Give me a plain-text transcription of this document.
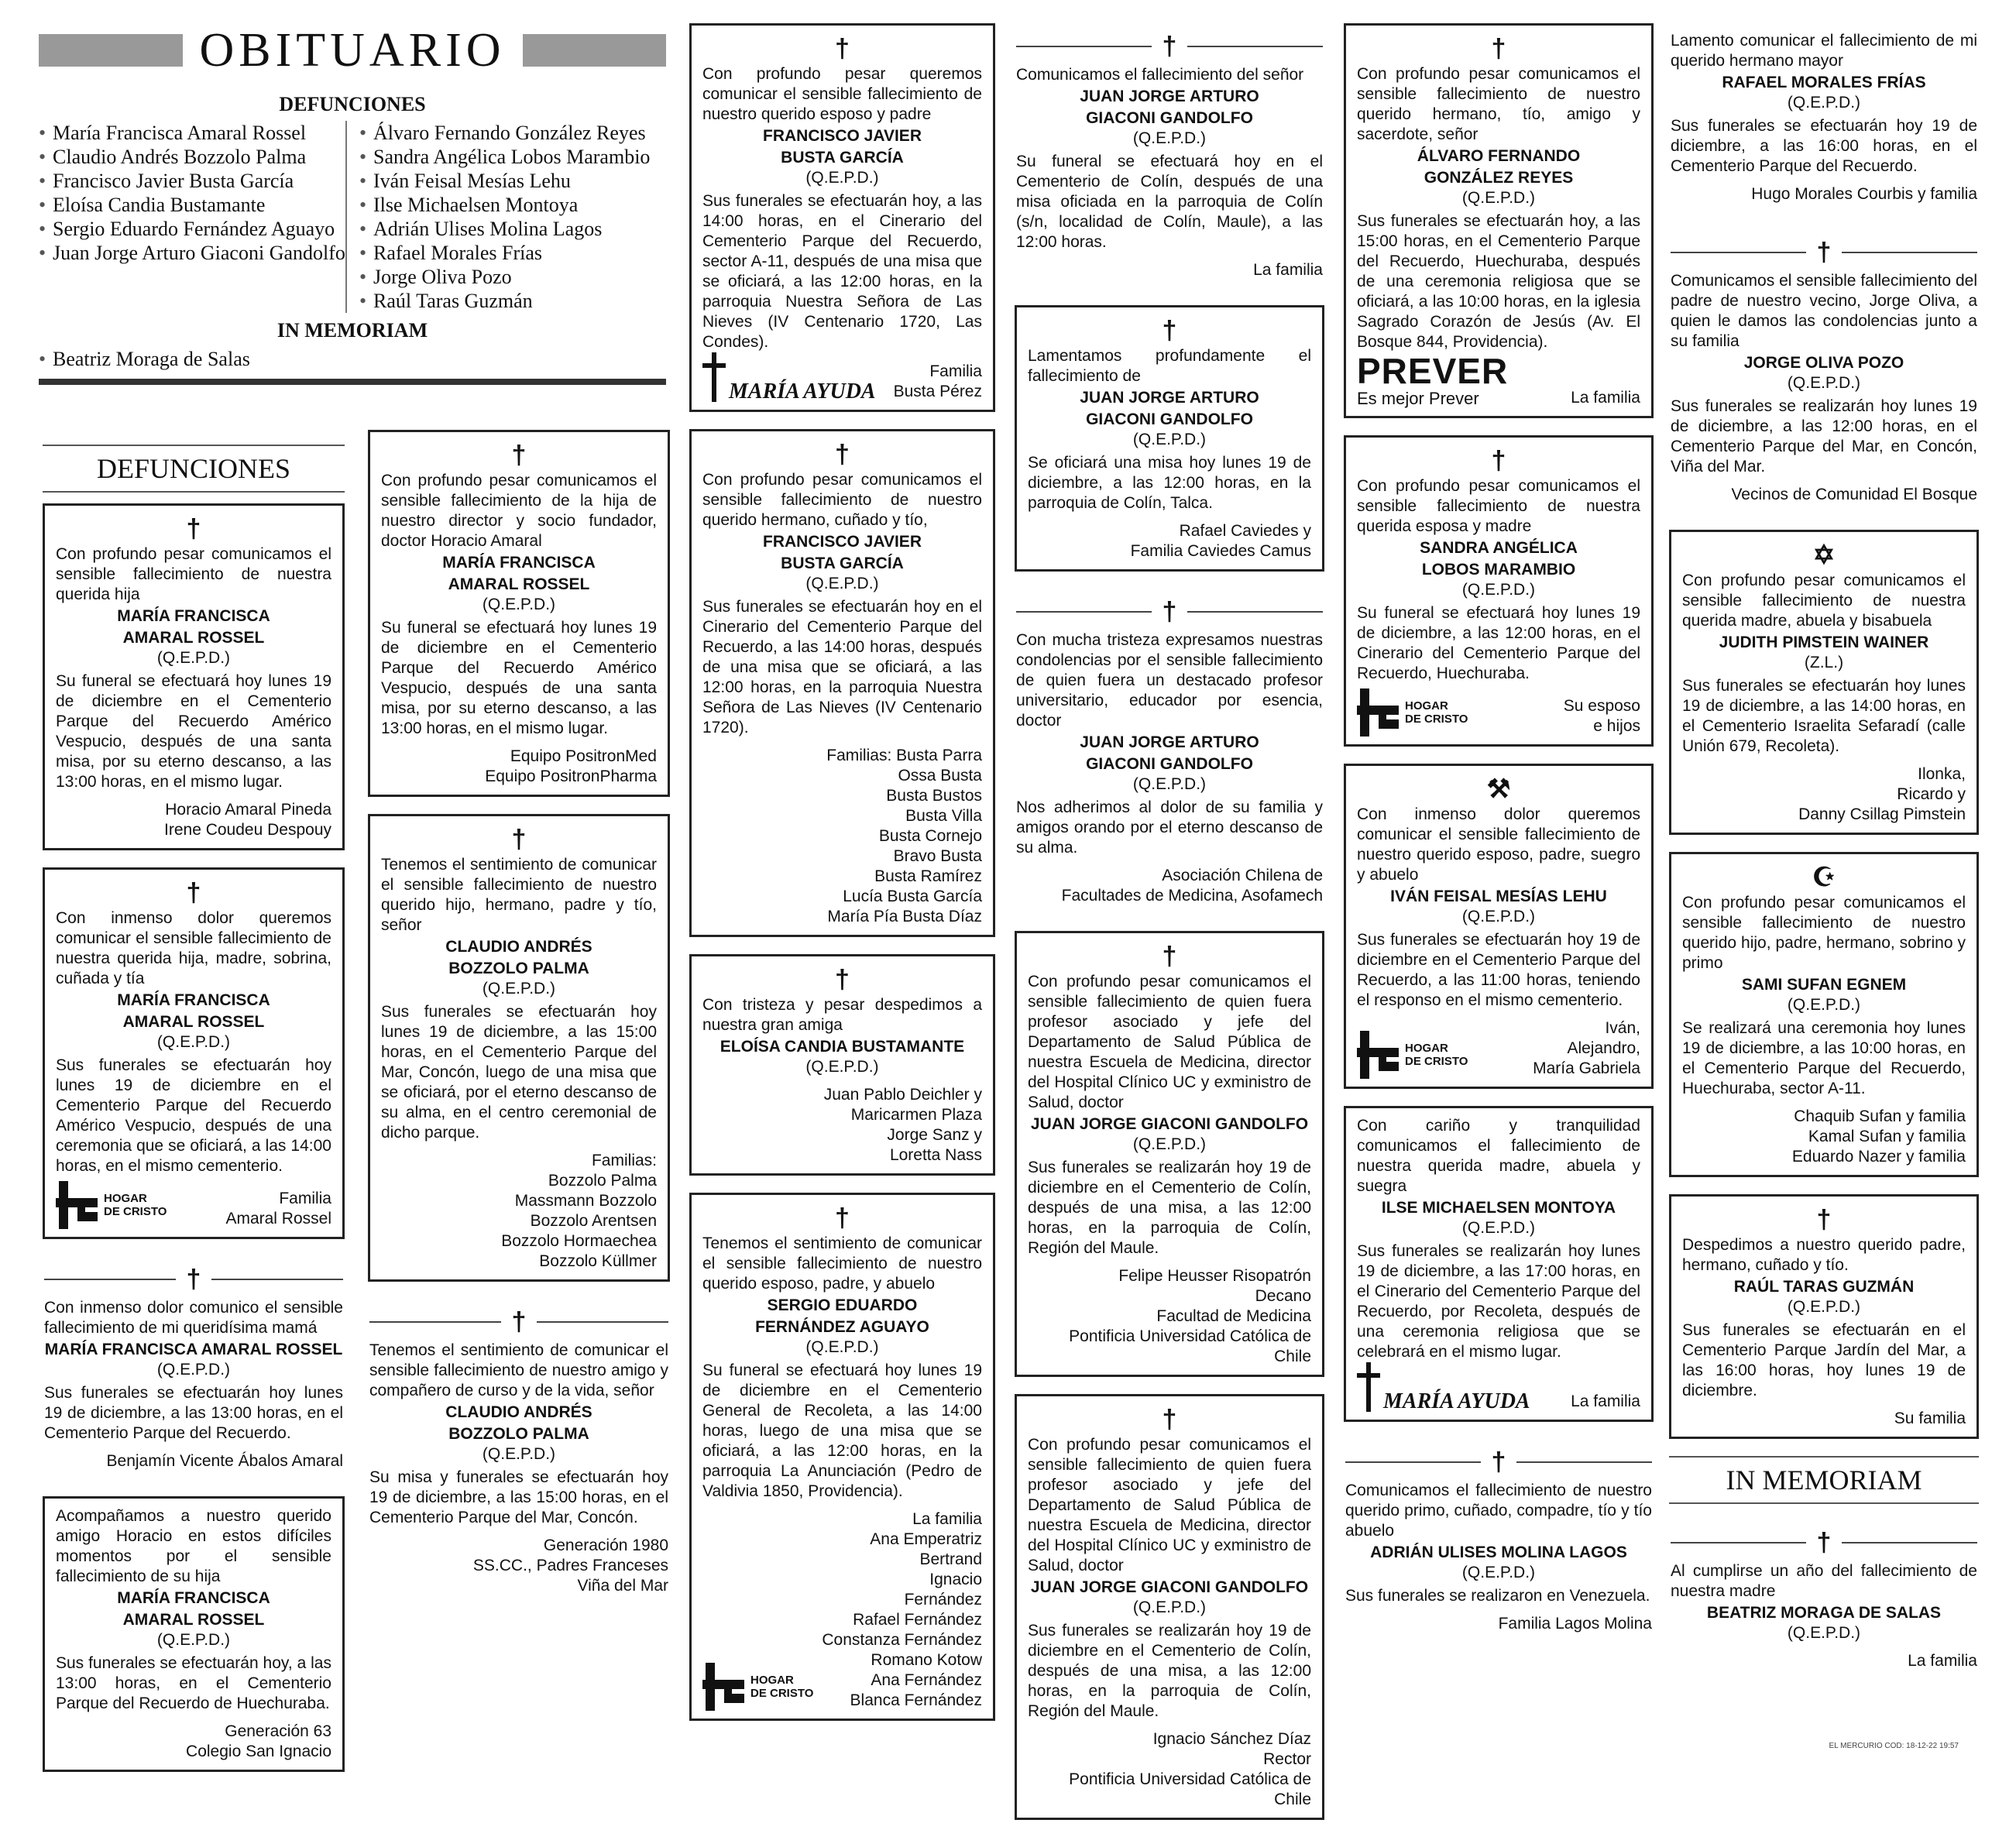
OBITUARIO
DEFUNCIONES
• María Francisca Amaral Rossel
• Claudio Andrés Bozzolo Palma
• Francisco Javier Busta García
• Eloísa Candia Bustamante
• Sergio Eduardo Fernández Aguayo
• Juan Jorge Arturo Giaconi Gandolfo
• Álvaro Fernando González Reyes
• Sandra Angélica Lobos Marambio
• Iván Feisal Mesías Lehu
• Ilse Michaelsen Montoya
• Adrián Ulises Molina Lagos
• Rafael Morales Frías
• Jorge Oliva Pozo
• Raúl Taras Guzmán
IN MEMORIAM
• Beatriz Moraga de Salas
†
Con profundo pesar comunicamos el sensible fallecimiento de nuestra querida hija
MARÍA FRANCISCA
AMARAL ROSSEL
(Q.E.P.D.)
Su funeral se efectuará hoy lunes 19 de diciembre en el Cementerio Parque del Recuerdo Américo Vespucio, después de una santa misa, por su eterno descanso, a las 13:00 horas, en el mismo lugar.
Horacio Amaral Pineda
Irene Coudeu Despouy
†
Con inmenso dolor queremos comunicar el sensible fallecimiento de nuestra querida hija, madre, sobrina, cuñada y tía
MARÍA FRANCISCA
AMARAL ROSSEL
(Q.E.P.D.)
Sus funerales se efectuarán hoy lunes 19 de diciembre en el Cementerio Parque del Recuerdo Américo Vespucio, después de una ceremonia que se oficiará, a las 14:00 horas, en el mismo cementerio.
HOGAR
DE CRISTO
Familia
Amaral Rossel
†
Con inmenso dolor comunico el sensible fallecimiento de mi queridísima mamá
MARÍA FRANCISCA AMARAL ROSSEL
(Q.E.P.D.)
Sus funerales se efectuarán hoy lunes 19 de diciembre, a las 13:00 horas, en el Cementerio Parque del Recuerdo.
Benjamín Vicente Ábalos Amaral
Acompañamos a nuestro querido amigo Horacio en estos difíciles momentos por el sensible fallecimiento de su hija
MARÍA FRANCISCA
AMARAL ROSSEL
(Q.E.P.D.)
Sus funerales se efectuarán hoy, a las 13:00 horas, en el Cementerio Parque del Recuerdo de Huechuraba.
Generación 63
Colegio San Ignacio
†
Con profundo pesar comunicamos el sensible fallecimiento de la hija de nuestro director y socio fundador, doctor Horacio Amaral
MARÍA FRANCISCA
AMARAL ROSSEL
(Q.E.P.D.)
Su funeral se efectuará hoy lunes 19 de diciembre en el Cementerio Parque del Recuerdo Américo Vespucio, después de una santa misa, por su eterno descanso, a las 13:00 horas, en el mismo lugar.
Equipo PositronMed
Equipo PositronPharma
†
Tenemos el sentimiento de comunicar el sensible fallecimiento de nuestro querido hijo, hermano, padre y tío, señor
CLAUDIO ANDRÉS
BOZZOLO PALMA
(Q.E.P.D.)
Sus funerales se efectuarán hoy lunes 19 de diciembre, a las 15:00 horas, en el Cementerio Parque del Mar, Concón, luego de una misa que se oficiará, por el eterno descanso de su alma, en el centro ceremonial de dicho parque.
Familias:
Bozzolo Palma
Massmann Bozzolo
Bozzolo Arentsen
Bozzolo Hormaechea
Bozzolo Küllmer
†
Tenemos el sentimiento de comunicar el sensible fallecimiento de nuestro amigo y compañero de curso y de la vida, señor
CLAUDIO ANDRÉS
BOZZOLO PALMA
(Q.E.P.D.)
Su misa y funerales se efectuarán hoy 19 de diciembre, a las 15:00 horas, en el Cementerio Parque del Mar, Concón.
Generación 1980
SS.CC., Padres Franceses
Viña del Mar
†
Con profundo pesar queremos comunicar el sensible fallecimiento de nuestro querido esposo y padre
FRANCISCO JAVIER
BUSTA GARCÍA
(Q.E.P.D.)
Sus funerales se efectuarán hoy, a las 14:00 horas, en el Cinerario del Cementerio Parque del Recuerdo, sector A-11, después de una misa que se oficiará, a las 12:00 horas, en la parroquia Nuestra Señora de Las Nieves (IV Centenario 1720, Las Condes).
MARÍA AYUDA
Familia
Busta Pérez
†
Con profundo pesar comunicamos el sensible fallecimiento de nuestro querido hermano, cuñado y tío,
FRANCISCO JAVIER
BUSTA GARCÍA
(Q.E.P.D.)
Sus funerales se efectuarán hoy en el Cinerario del Cementerio Parque del Recuerdo, a las 14:00 horas, después de una misa que se oficiará, a las 12:00 horas, en la parroquia Nuestra Señora de Las Nieves (IV Centenario 1720).
Familias: Busta Parra
Ossa Busta
Busta Bustos
Busta Villa
Busta Cornejo
Bravo Busta
Busta Ramírez
Lucía Busta García
María Pía Busta Díaz
†
Con tristeza y pesar despedimos a nuestra gran amiga
ELOÍSA CANDIA BUSTAMANTE
(Q.E.P.D.)
Juan Pablo Deichler y
Maricarmen Plaza
Jorge Sanz y
Loretta Nass
†
Tenemos el sentimiento de comunicar el sensible fallecimiento de nuestro querido esposo, padre, y abuelo
SERGIO EDUARDO
FERNÁNDEZ AGUAYO
(Q.E.P.D.)
Su funeral se efectuará hoy lunes 19 de diciembre en el Cementerio General de Recoleta, a las 14:00 horas, luego de una misa que se oficiará, a las 12:00 horas, en la parroquia La Anunciación (Pedro de Valdivia 1850, Providencia).
HOGAR
DE CRISTO
La familia
Ana Emperatriz
Bertrand
Ignacio
Fernández
Rafael Fernández
Constanza Fernández
Romano Kotow
Ana Fernández
Blanca Fernández
†
Comunicamos el fallecimiento del señor
JUAN JORGE ARTURO
GIACONI GANDOLFO
(Q.E.P.D.)
Su funeral se efectuará hoy en el Cementerio de Colín, después de una misa oficiada en la parroquia de Colín (s/n, localidad de Colín, Maule), a las 12:00 horas.
La familia
†
Lamentamos profundamente el fallecimiento de
JUAN JORGE ARTURO
GIACONI GANDOLFO
(Q.E.P.D.)
Se oficiará una misa hoy lunes 19 de diciembre, a las 12:00 horas, en la parroquia de Colín, Talca.
Rafael Caviedes y
Familia Caviedes Camus
†
Con mucha tristeza expresamos nuestras condolencias por el sensible fallecimiento de quien fuera un destacado profesor universitario, educador por esencia, doctor
JUAN JORGE ARTURO
GIACONI GANDOLFO
(Q.E.P.D.)
Nos adherimos al dolor de su familia y amigos orando por el eterno descanso de su alma.
Asociación Chilena de
Facultades de Medicina, Asofamech
†
Con profundo pesar comunicamos el sensible fallecimiento de quien fuera profesor asociado y jefe del Departamento de Salud Pública de nuestra Escuela de Medicina, director del Hospital Clínico UC y exministro de Salud, doctor
JUAN JORGE GIACONI GANDOLFO
(Q.E.P.D.)
Sus funerales se realizarán hoy 19 de diciembre en el Cementerio de Colín, después de una misa, a las 12:00 horas, en la parroquia de Colín, Región del Maule.
Felipe Heusser Risopatrón
Decano
Facultad de Medicina
Pontificia Universidad Católica de Chile
†
Con profundo pesar comunicamos el sensible fallecimiento de quien fuera profesor asociado y jefe del Departamento de Salud Pública de nuestra Escuela de Medicina, director del Hospital Clínico UC y exministro de Salud, doctor
JUAN JORGE GIACONI GANDOLFO
(Q.E.P.D.)
Sus funerales se realizarán hoy 19 de diciembre en el Cementerio de Colín, después de una misa, a las 12:00 horas, en la parroquia de Colín, Región del Maule.
Ignacio Sánchez Díaz
Rector
Pontificia Universidad Católica de
Chile
†
Con profundo pesar comunicamos el sensible fallecimiento de nuestro querido hermano, tío, amigo y sacerdote, señor
ÁLVARO FERNANDO
GONZÁLEZ REYES
(Q.E.P.D.)
Sus funerales se efectuarán hoy, a las 15:00 horas, en el Cementerio Parque del Recuerdo, Huechuraba, después de una ceremonia religiosa que se oficiará, a las 10:00 horas, en la iglesia Sagrado Corazón de Jesús (Av. El Bosque 844, Providencia).
PREVER
Es mejor Prever	La familia
†
Con profundo pesar comunicamos el sensible fallecimiento de nuestra querida esposa y madre
SANDRA ANGÉLICA
LOBOS MARAMBIO
(Q.E.P.D.)
Su funeral se efectuará hoy lunes 19 de diciembre, a las 12:00 horas, en el Cinerario del Cementerio Parque del Recuerdo, Huechuraba.
HOGAR
DE CRISTO
Su esposo
e hijos
⚒
Con inmenso dolor queremos comunicar el sensible fallecimiento de nuestro querido esposo, padre, suegro y abuelo
IVÁN FEISAL MESÍAS LEHU
(Q.E.P.D.)
Sus funerales se efectuarán hoy 19 de diciembre en el Cementerio Parque del Recuerdo, a las 11:00 horas, teniendo el responso en el mismo cementerio.
HOGAR
DE CRISTO
Iván,
Alejandro,
María Gabriela
Con cariño y tranquilidad comunicamos el fallecimiento de nuestra querida madre, abuela y suegra
ILSE MICHAELSEN MONTOYA
(Q.E.P.D.)
Sus funerales se realizarán hoy lunes 19 de diciembre, a las 17:00 horas, en el Cinerario del Cementerio Parque del Recuerdo, por Recoleta, después de una ceremonia religiosa que se celebrará en el mismo lugar.
MARÍA AYUDA	La familia
†
Comunicamos el fallecimiento de nuestro querido primo, cuñado, compadre, tío y tío abuelo
ADRIÁN ULISES MOLINA LAGOS
(Q.E.P.D.)
Sus funerales se realizaron en Venezuela.
Familia Lagos Molina
Lamento comunicar el fallecimiento de mi querido hermano mayor
RAFAEL MORALES FRÍAS
(Q.E.P.D.)
Sus funerales se efectuarán hoy 19 de diciembre, a las 16:00 horas, en el Cementerio Parque del Recuerdo.
Hugo Morales Courbis y familia
†
Comunicamos el sensible fallecimiento del padre de nuestro vecino, Jorge Oliva, a quien le damos las condolencias junto a su familia
JORGE OLIVA POZO
(Q.E.P.D.)
Sus funerales se realizarán hoy lunes 19 de diciembre, a las 12:00 horas, en el Cementerio Parque del Mar, en Concón, Viña del Mar.
Vecinos de Comunidad El Bosque
✡
Con profundo pesar comunicamos el sensible fallecimiento de nuestra querida madre, abuela y bisabuela
JUDITH PIMSTEIN WAINER
(Z.L.)
Sus funerales se efectuarán hoy lunes 19 de diciembre, a las 14:00 horas, en el Cementerio Israelita Sefaradí (calle Unión 679, Recoleta).
Ilonka,
Ricardo y
Danny Csillag Pimstein
☪
Con profundo pesar comunicamos el sensible fallecimiento de nuestro querido hijo, padre, hermano, sobrino y primo
SAMI SUFAN EGNEM
(Q.E.P.D.)
Se realizará una ceremonia hoy lunes 19 de diciembre, a las 10:00 horas, en el Cementerio Parque del Recuerdo, Huechuraba, sector A-11.
Chaquib Sufan y familia
Kamal Sufan y familia
Eduardo Nazer y familia
†
Despedimos a nuestro querido padre, hermano, cuñado y tío.
RAÚL TARAS GUZMÁN
(Q.E.P.D.)
Sus funerales se efectuarán en el Cementerio Parque Jardín del Mar, a las 16:00 horas, hoy lunes 19 de diciembre.
Su familia
IN MEMORIAM
†
Al cumplirse un año del fallecimiento de nuestra madre
BEATRIZ MORAGA DE SALAS
(Q.E.P.D.)
La familia
EL MERCURIO COD: 18-12-22 19:57
DEFUNCIONES
